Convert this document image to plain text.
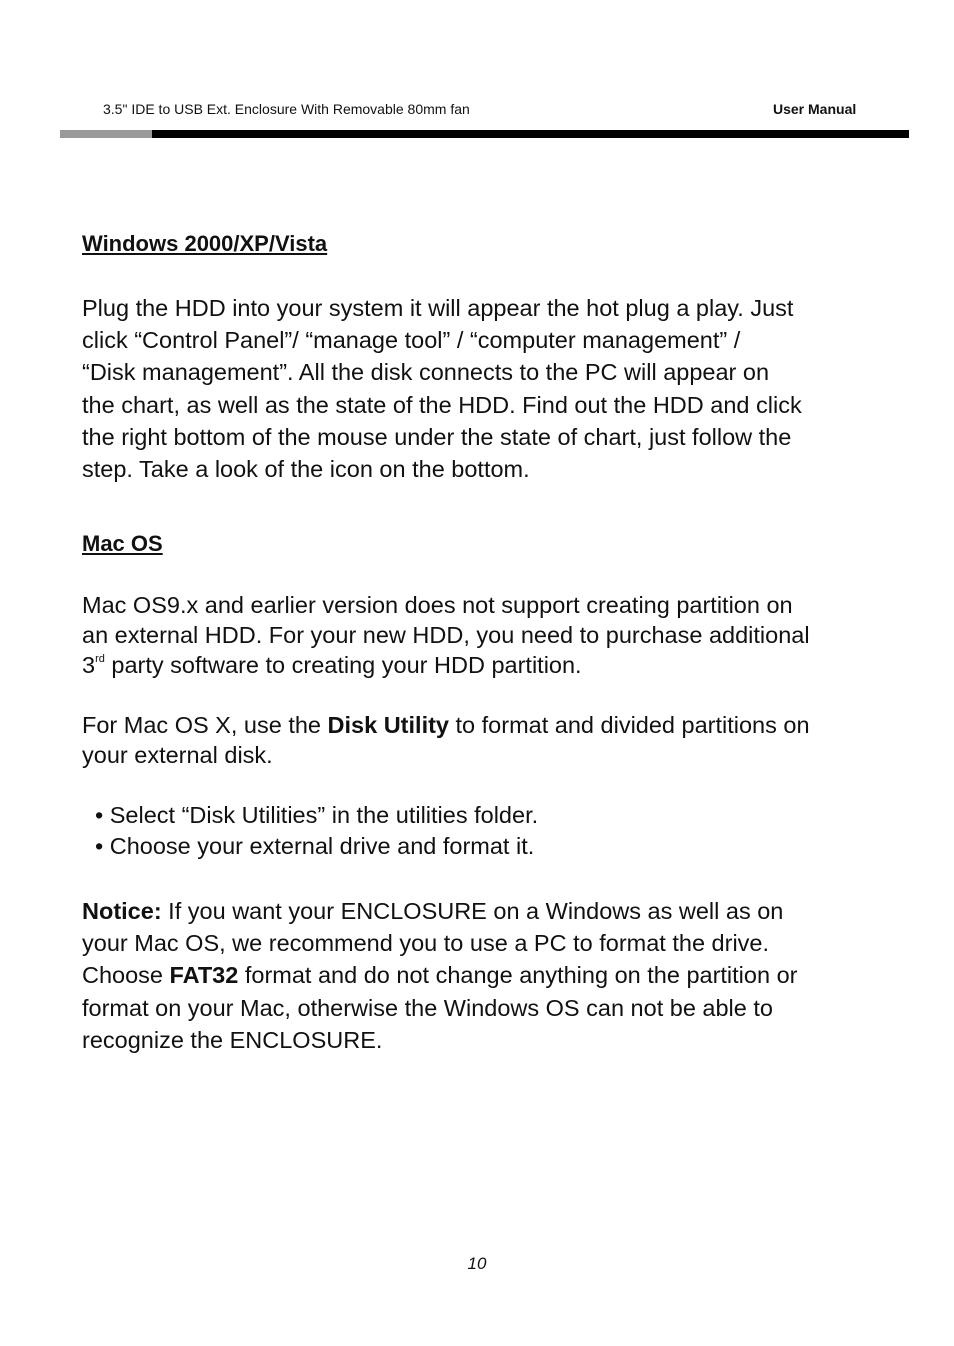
3.5" IDE to USB Ext. Enclosure With Removable 80mm fan	User Manual
Windows 2000/XP/Vista
Plug the HDD into your system it will appear the hot plug a play. Just
click “Control Panel”/ “manage tool” / “computer management” /
“Disk management”. All the disk connects to the PC will appear on
the chart, as well as the state of the HDD. Find out the HDD and click
the right bottom of the mouse under the state of chart, just follow the
step. Take a look of the icon on the bottom.
Mac OS
Mac OS9.x and earlier version does not support creating partition on
an external HDD. For your new HDD, you need to purchase additional
3rd party software to creating your HDD partition.
For Mac OS X, use the Disk Utility to format and divided partitions on
your external disk.
• Select “Disk Utilities” in the utilities folder.
• Choose your external drive and format it.
Notice: If you want your ENCLOSURE on a Windows as well as on
your Mac OS, we recommend you to use a PC to format the drive.
Choose FAT32 format and do not change anything on the partition or
format on your Mac, otherwise the Windows OS can not be able to
recognize the ENCLOSURE.
10
